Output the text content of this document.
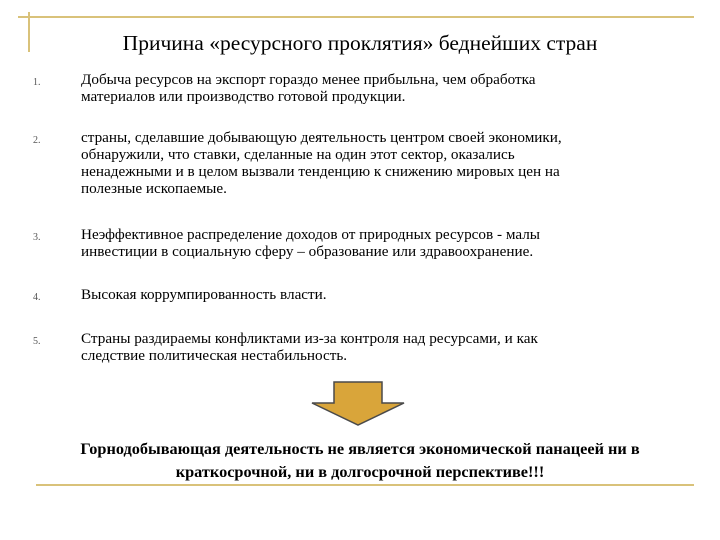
Причина «ресурсного проклятия» беднейших стран
1.	Добыча ресурсов на экспорт гораздо менее прибыльна, чем обработка
материалов или производство готовой продукции.
2.	страны, сделавшие добывающую деятельность центром своей экономики,
обнаружили, что ставки, сделанные на один этот сектор, оказались
ненадежными и в целом вызвали тенденцию к снижению мировых цен на
полезные ископаемые.
3.	Неэффективное распределение доходов от природных ресурсов - малы
инвестиции в социальную сферу – образование или здравоохранение.
4.	Высокая коррумпированность власти.
5.	Страны раздираемы конфликтами из-за контроля над ресурсами, и как
следствие политическая нестабильность.
Горнодобывающая деятельность не является экономической панацеей ни в
краткосрочной, ни в долгосрочной перспективе!!!
